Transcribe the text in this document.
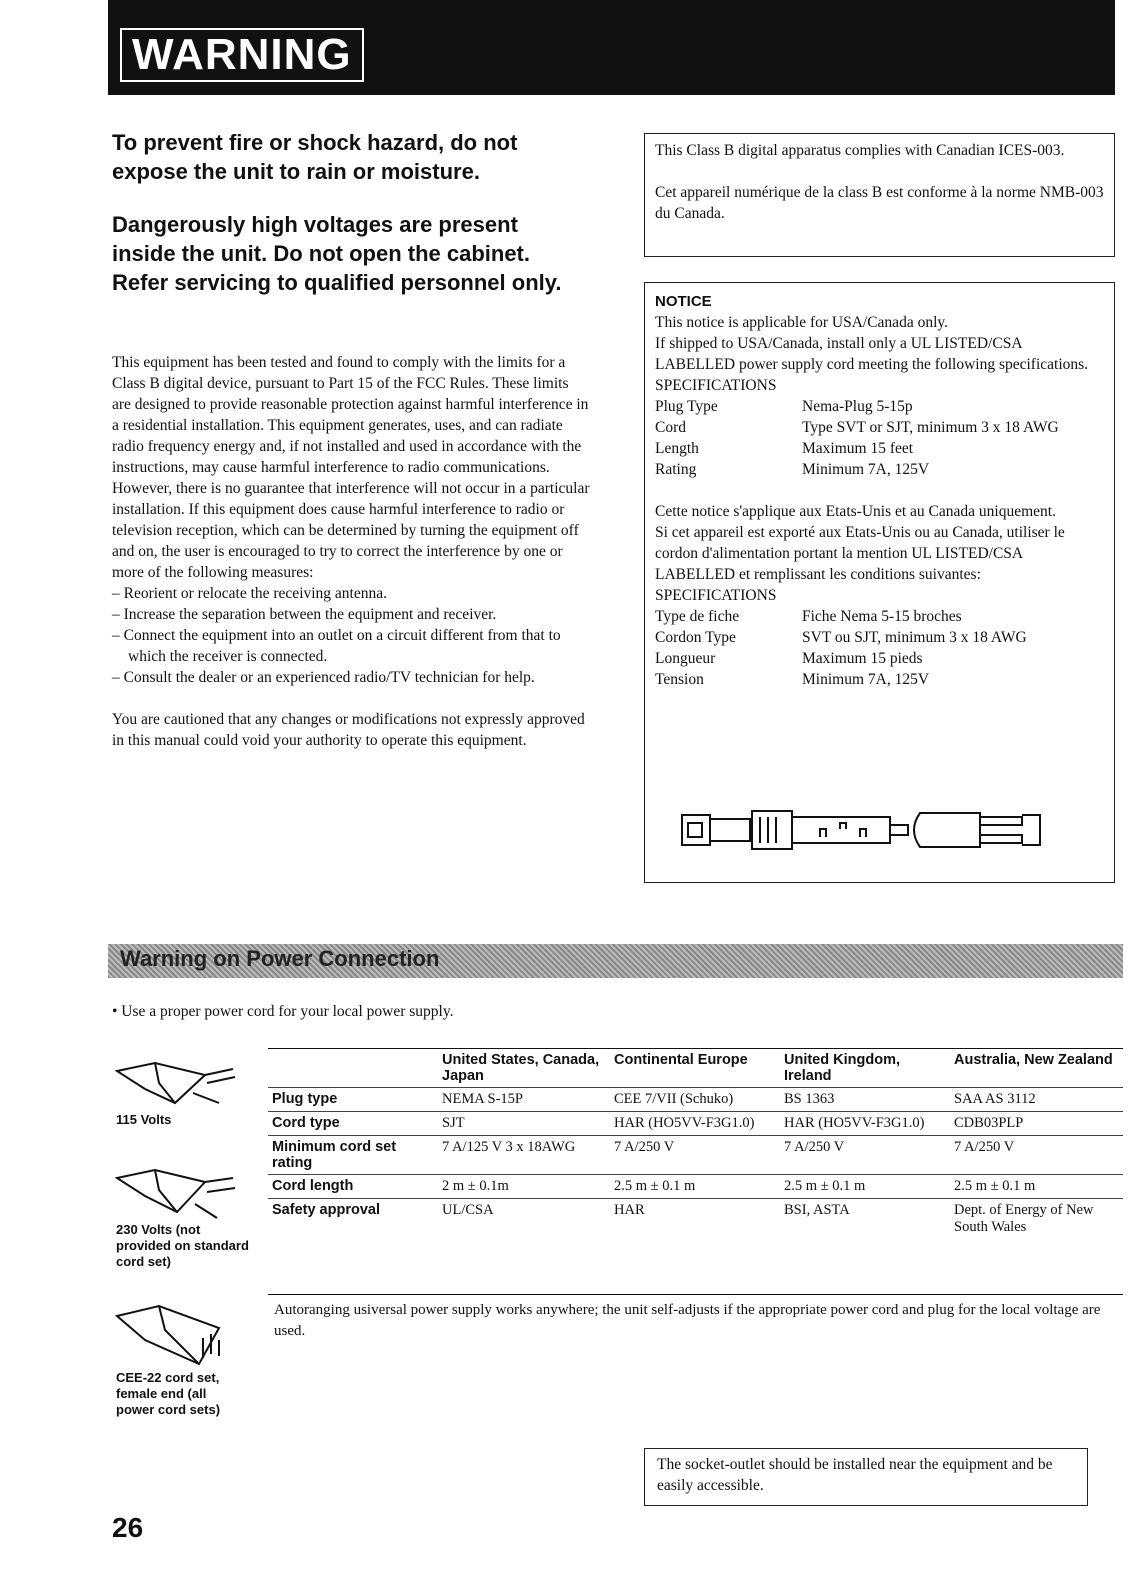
WARNING
To prevent fire or shock hazard, do not expose the unit to rain or moisture.
Dangerously high voltages are present inside the unit. Do not open the cabinet. Refer servicing to qualified personnel only.
This equipment has been tested and found to comply with the limits for a Class B digital device, pursuant to Part 15 of the FCC Rules. These limits are designed to provide reasonable protection against harmful interference in a residential installation. This equipment generates, uses, and can radiate radio frequency energy and, if not installed and used in accordance with the instructions, may cause harmful interference to radio communications.
However, there is no guarantee that interference will not occur in a particular installation. If this equipment does cause harmful interference to radio or television reception, which can be determined by turning the equipment off and on, the user is encouraged to try to correct the interference by one or more of the following measures:
– Reorient or relocate the receiving antenna.
– Increase the separation between the equipment and receiver.
– Connect the equipment into an outlet on a circuit different from that to which the receiver is connected.
– Consult the dealer or an experienced radio/TV technician for help.
You are cautioned that any changes or modifications not expressly approved in this manual could void your authority to operate this equipment.
This Class B digital apparatus complies with Canadian ICES-003.
Cet appareil numérique de la class B est conforme à la norme NMB-003 du Canada.
NOTICE
This notice is applicable for USA/Canada only.
If shipped to USA/Canada, install only a UL LISTED/CSA LABELLED power supply cord meeting the following specifications.
SPECIFICATIONS
Plug Type	Nema-Plug 5-15p
Cord	Type SVT or SJT, minimum 3 x 18 AWG
Length	Maximum 15 feet
Rating	Minimum 7A, 125V
Cette notice s'applique aux Etats-Unis et au Canada uniquement.
Si cet appareil est exporté aux Etats-Unis ou au Canada, utiliser le cordon d'alimentation portant la mention UL LISTED/CSA LABELLED et remplissant les conditions suivantes:
SPECIFICATIONS
Type de fiche	Fiche Nema 5-15 broches
Cordon Type	SVT ou SJT, minimum 3 x 18 AWG
Longueur	Maximum 15 pieds
Tension	Minimum 7A, 125V
Warning on Power Connection
• Use a proper power cord for your local power supply.
115 Volts
230 Volts (not provided on standard cord set)
CEE-22 cord set, female end (all power cord sets)
	United States, Canada, Japan	Continental Europe	United Kingdom, Ireland	Australia, New Zealand
Plug type	NEMA S-15P	CEE 7/VII (Schuko)	BS 1363	SAA AS 3112
Cord type	SJT	HAR (HO5VV-F3G1.0)	HAR (HO5VV-F3G1.0)	CDB03PLP
Minimum cord set rating	7 A/125 V 3 x 18AWG	7 A/250 V	7 A/250 V	7 A/250 V
Cord length	2 m ± 0.1m	2.5 m ± 0.1 m	2.5 m ± 0.1 m	2.5 m ± 0.1 m
Safety approval	UL/CSA	HAR	BSI, ASTA	Dept. of Energy of New South Wales
Autoranging usiversal power supply works anywhere; the unit self-adjusts if the appropriate power cord and plug for the local voltage are used.
The socket-outlet should be installed near the equipment and be easily accessible.
26
